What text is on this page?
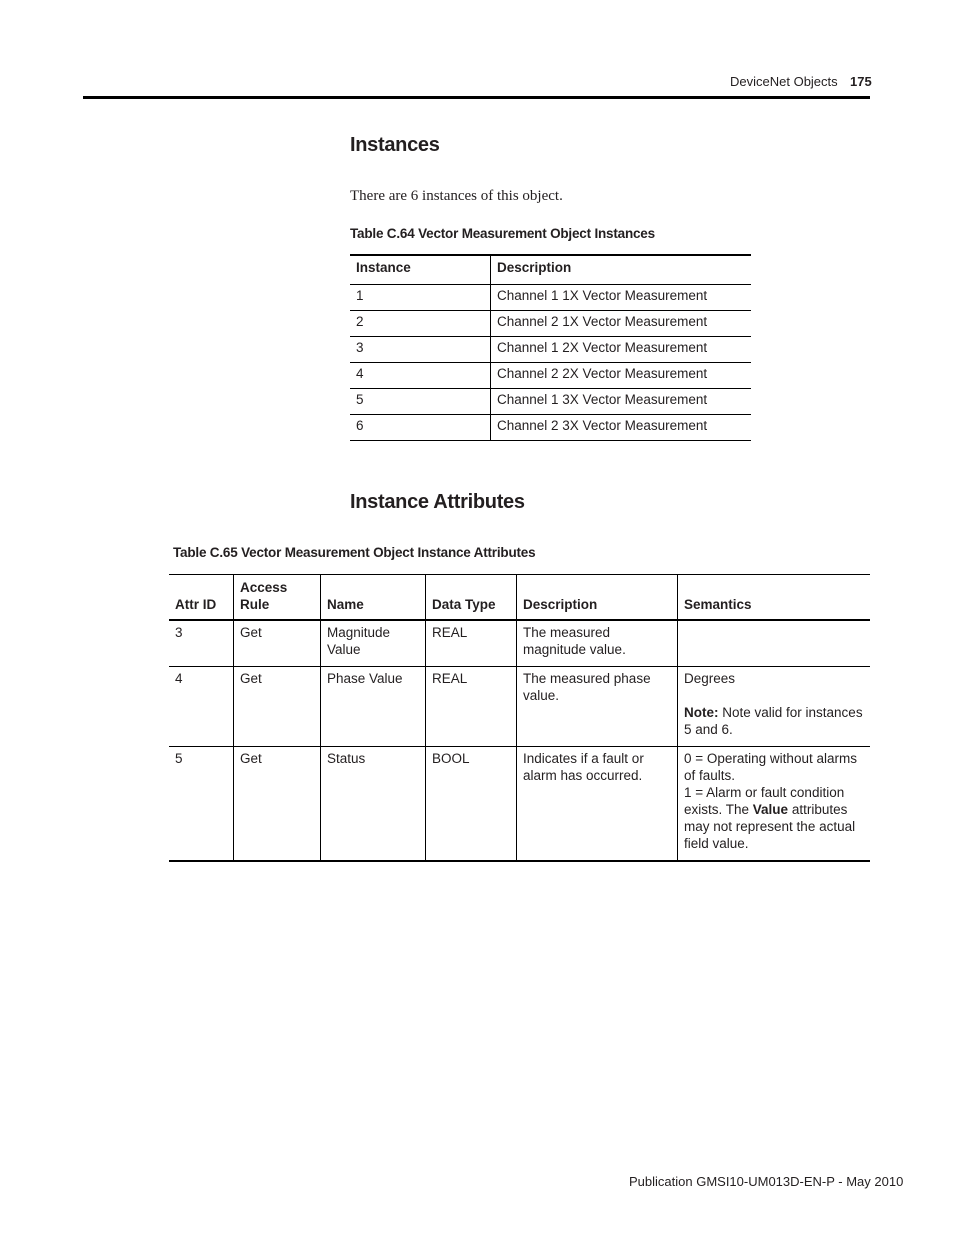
DeviceNet Objects 175
Instances
There are 6 instances of this object.
Table C.64 Vector Measurement Object Instances
Instance	Description
1	Channel 1 1X Vector Measurement
2	Channel 2 1X Vector Measurement
3	Channel 1 2X Vector Measurement
4	Channel 2 2X Vector Measurement
5	Channel 1 3X Vector Measurement
6	Channel 2 3X Vector Measurement
Instance Attributes
Table C.65 Vector Measurement Object Instance Attributes
Attr ID	Access Rule	Name	Data Type	Description	Semantics
3	Get	Magnitude Value	REAL	The measured magnitude value.	
4	Get	Phase Value	REAL	The measured phase value.	Degrees
Note: Note valid for instances 5 and 6.

5	Get	Status	BOOL	Indicates if a fault or alarm has occurred.	0 = Operating without alarms of faults.
1 = Alarm or fault condition exists. The Value attributes may not represent the actual field value.
Publication GMSI10-UM013D-EN-P - May 2010
